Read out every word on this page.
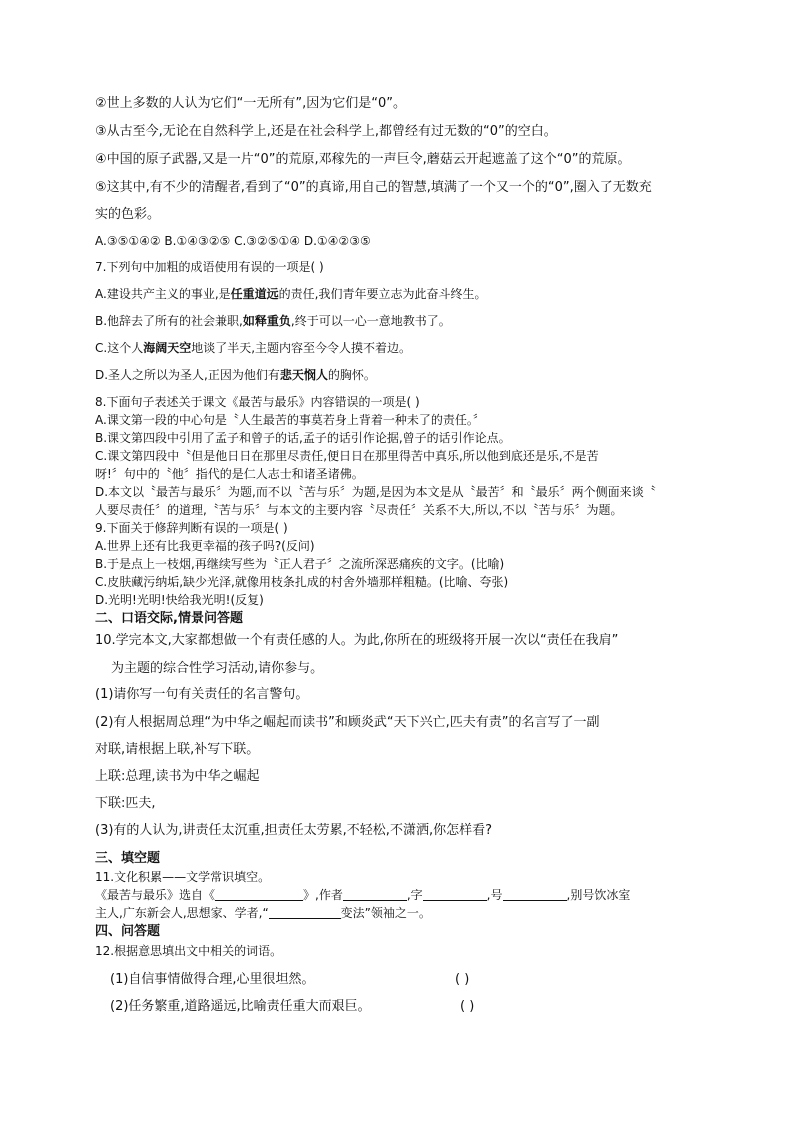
②世上多数的人认为它们“一无所有”,因为它们是“0”。
③从古至今,无论在自然科学上,还是在社会科学上,都曾经有过无数的“0”的空白。
④中国的原子武器,又是一片“0”的荒原,邓稼先的一声巨令,蘑菇云开起遮盖了这个“0”的荒原。
⑤这其中,有不少的清醒者,看到了“0”的真谛,用自己的智慧,填满了一个又一个的“0”,圈入了无数充
实的色彩。
A.③⑤①④② B.①④③②⑤ C.③②⑤①④ D.①④②③⑤
7.下列句中加粗的成语使用有误的一项是( )
A.建设共产主义的事业,是任重道远的责任,我们青年要立志为此奋斗终生。
B.他辞去了所有的社会兼职,如释重负,终于可以一心一意地教书了。
C.这个人海阔天空地谈了半天,主题内容至今令人摸不着边。
D.圣人之所以为圣人,正因为他们有悲天悯人的胸怀。
8.下面句子表述关于课文《最苦与最乐》内容错误的一项是( )
A.课文第一段的中心句是〝人生最苦的事莫若身上背着一种未了的责任。〞
B.课文第四段中引用了孟子和曾子的话,孟子的话引作论据,曾子的话引作论点。
C.课文第四段中〝但是他日日在那里尽责任,便日日在那里得苦中真乐,所以他到底还是乐,不是苦
呀!〞句中的〝他〞指代的是仁人志士和诸圣诸佛。
D.本文以〝最苦与最乐〞为题,而不以〝苦与乐〞为题,是因为本文是从〝最苦〞和〝最乐〞两个侧面来谈〝
人要尽责任〞的道理,〝苦与乐〞与本文的主要内容〝尽责任〞关系不大,所以,不以〝苦与乐〞为题。
9.下面关于修辞判断有误的一项是( )
A.世界上还有比我更幸福的孩子吗?(反问)
B.于是点上一枝烟,再继续写些为〝正人君子〞之流所深恶痛疾的文字。(比喻)
C.皮肤藏污纳垢,缺少光泽,就像用枝条扎成的村舍外墙那样粗糙。(比喻、夸张)
D.光明!光明!快给我光明!(反复)
二、口语交际,情景问答题
10.学完本文,大家都想做一个有责任感的人。为此,你所在的班级将开展一次以“责任在我肩”
为主题的综合性学习活动,请你参与。
(1)请你写一句有关责任的名言警句。
(2)有人根据周总理“为中华之崛起而读书”和顾炎武“天下兴亡,匹夫有责”的名言写了一副
对联,请根据上联,补写下联。
上联:总理,读书为中华之崛起
下联:匹夫,
(3)有的人认为,讲责任太沉重,担责任太劳累,不轻松,不潇洒,你怎样看?
三、填空题
11.文化积累——文学常识填空。
《最苦与最乐》选自《	》,作者	,字	,号	,别号饮冰室
主人,广东新会人,思想家、学者,“	变法”领袖之一。
四、问答题
12.根据意思填出文中相关的词语。
(1)自信事情做得合理,心里很坦然。	( )
(2)任务繁重,道路遥远,比喻责任重大而艰巨。	( )
